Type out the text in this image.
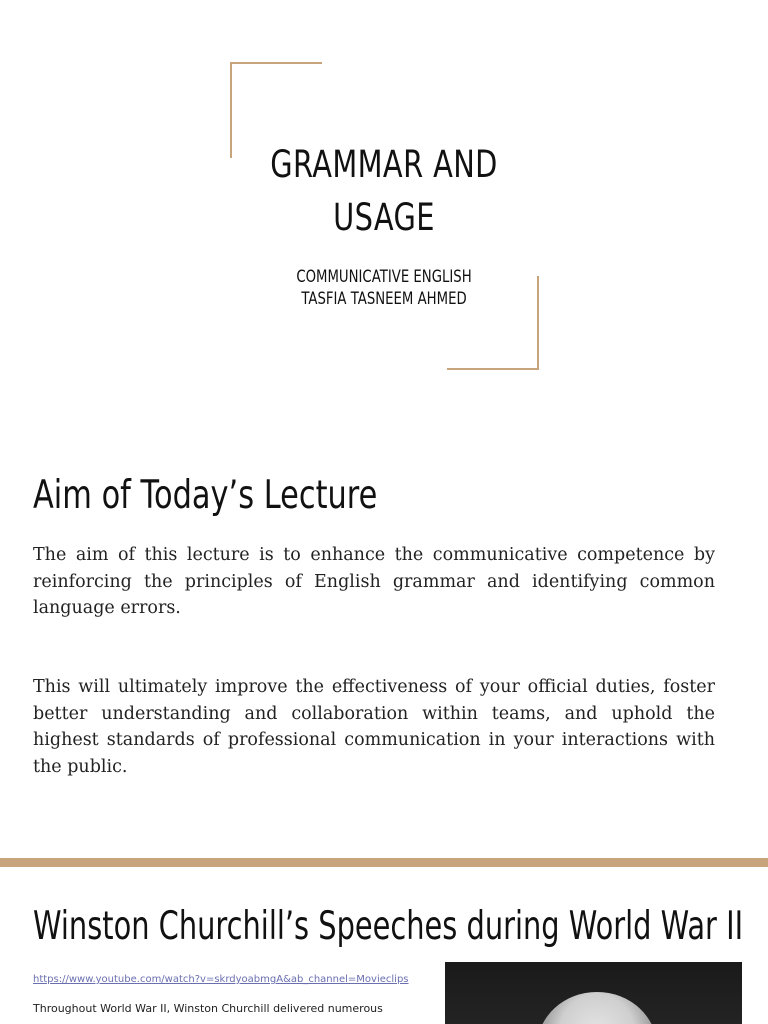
GRAMMAR AND
USAGE
COMMUNICATIVE ENGLISH
TASFIA TASNEEM AHMED
Aim of Today’s Lecture

The aim of this lecture is to enhance the communicative competence by reinforcing the principles of English grammar and identifying common language errors.

This will ultimately improve the effectiveness of your official duties, foster better understanding and collaboration within teams, and uphold the highest standards of professional communication in your interactions with the public.

Winston Churchill’s Speeches during World War II
https://www.youtube.com/watch?v=skrdyoabmgA&ab_channel=Movieclips

Throughout World War II, Winston Churchill delivered numerous
